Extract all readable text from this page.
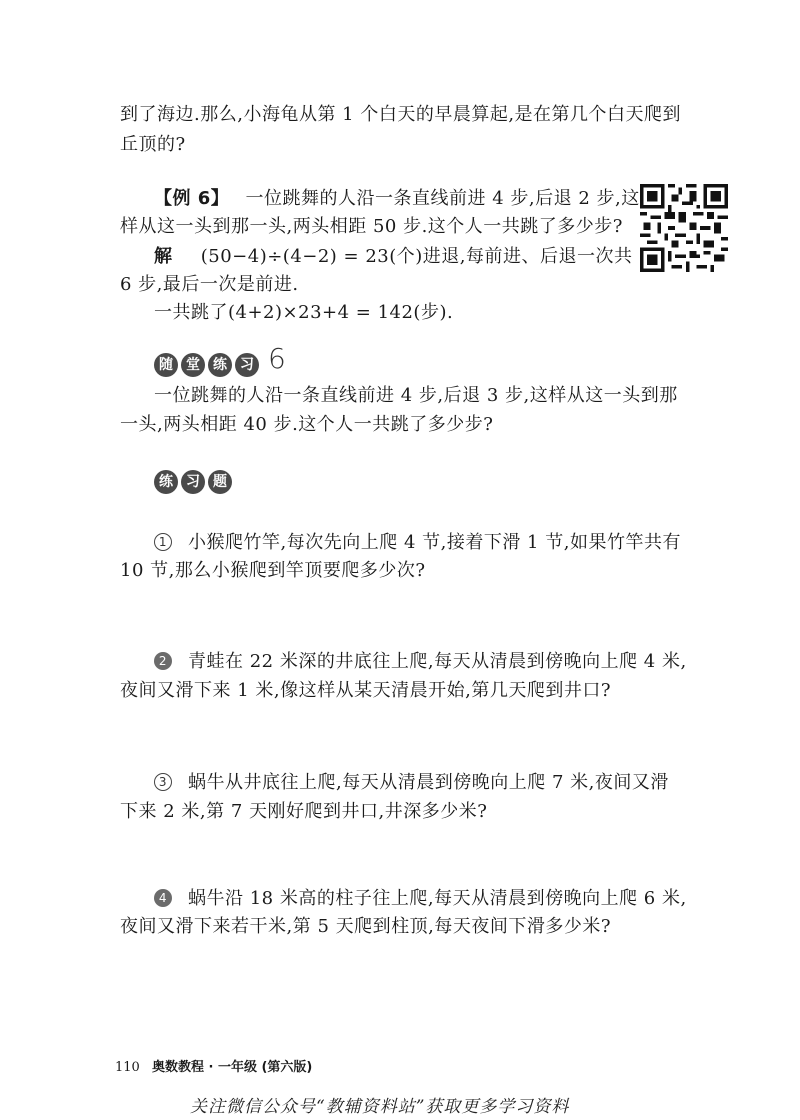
到了海边.那么,小海龟从第 1 个白天的早晨算起,是在第几个白天爬到
丘顶的?
【例 6】 一位跳舞的人沿一条直线前进 4 步,后退 2 步,这
样从这一头到那一头,两头相距 50 步.这个人一共跳了多少步?
解 (50−4)÷(4−2) = 23(个)进退,每前进、后退一次共
6 步,最后一次是前进.
一共跳了(4+2)×23+4 = 142(步).
随 堂 练 习 6
一位跳舞的人沿一条直线前进 4 步,后退 3 步,这样从这一头到那
一头,两头相距 40 步.这个人一共跳了多少步?
练 习 题
1 小猴爬竹竿,每次先向上爬 4 节,接着下滑 1 节,如果竹竿共有
10 节,那么小猴爬到竿顶要爬多少次?
2 青蛙在 22 米深的井底往上爬,每天从清晨到傍晚向上爬 4 米,
夜间又滑下来 1 米,像这样从某天清晨开始,第几天爬到井口?
3 蜗牛从井底往上爬,每天从清晨到傍晚向上爬 7 米,夜间又滑
下来 2 米,第 7 天刚好爬到井口,井深多少米?
4 蜗牛沿 18 米高的柱子往上爬,每天从清晨到傍晚向上爬 6 米,
夜间又滑下来若干米,第 5 天爬到柱顶,每天夜间下滑多少米?
110 奥数教程 · 一年级 (第六版)
关注微信公众号“教辅资料站”获取更多学习资料
